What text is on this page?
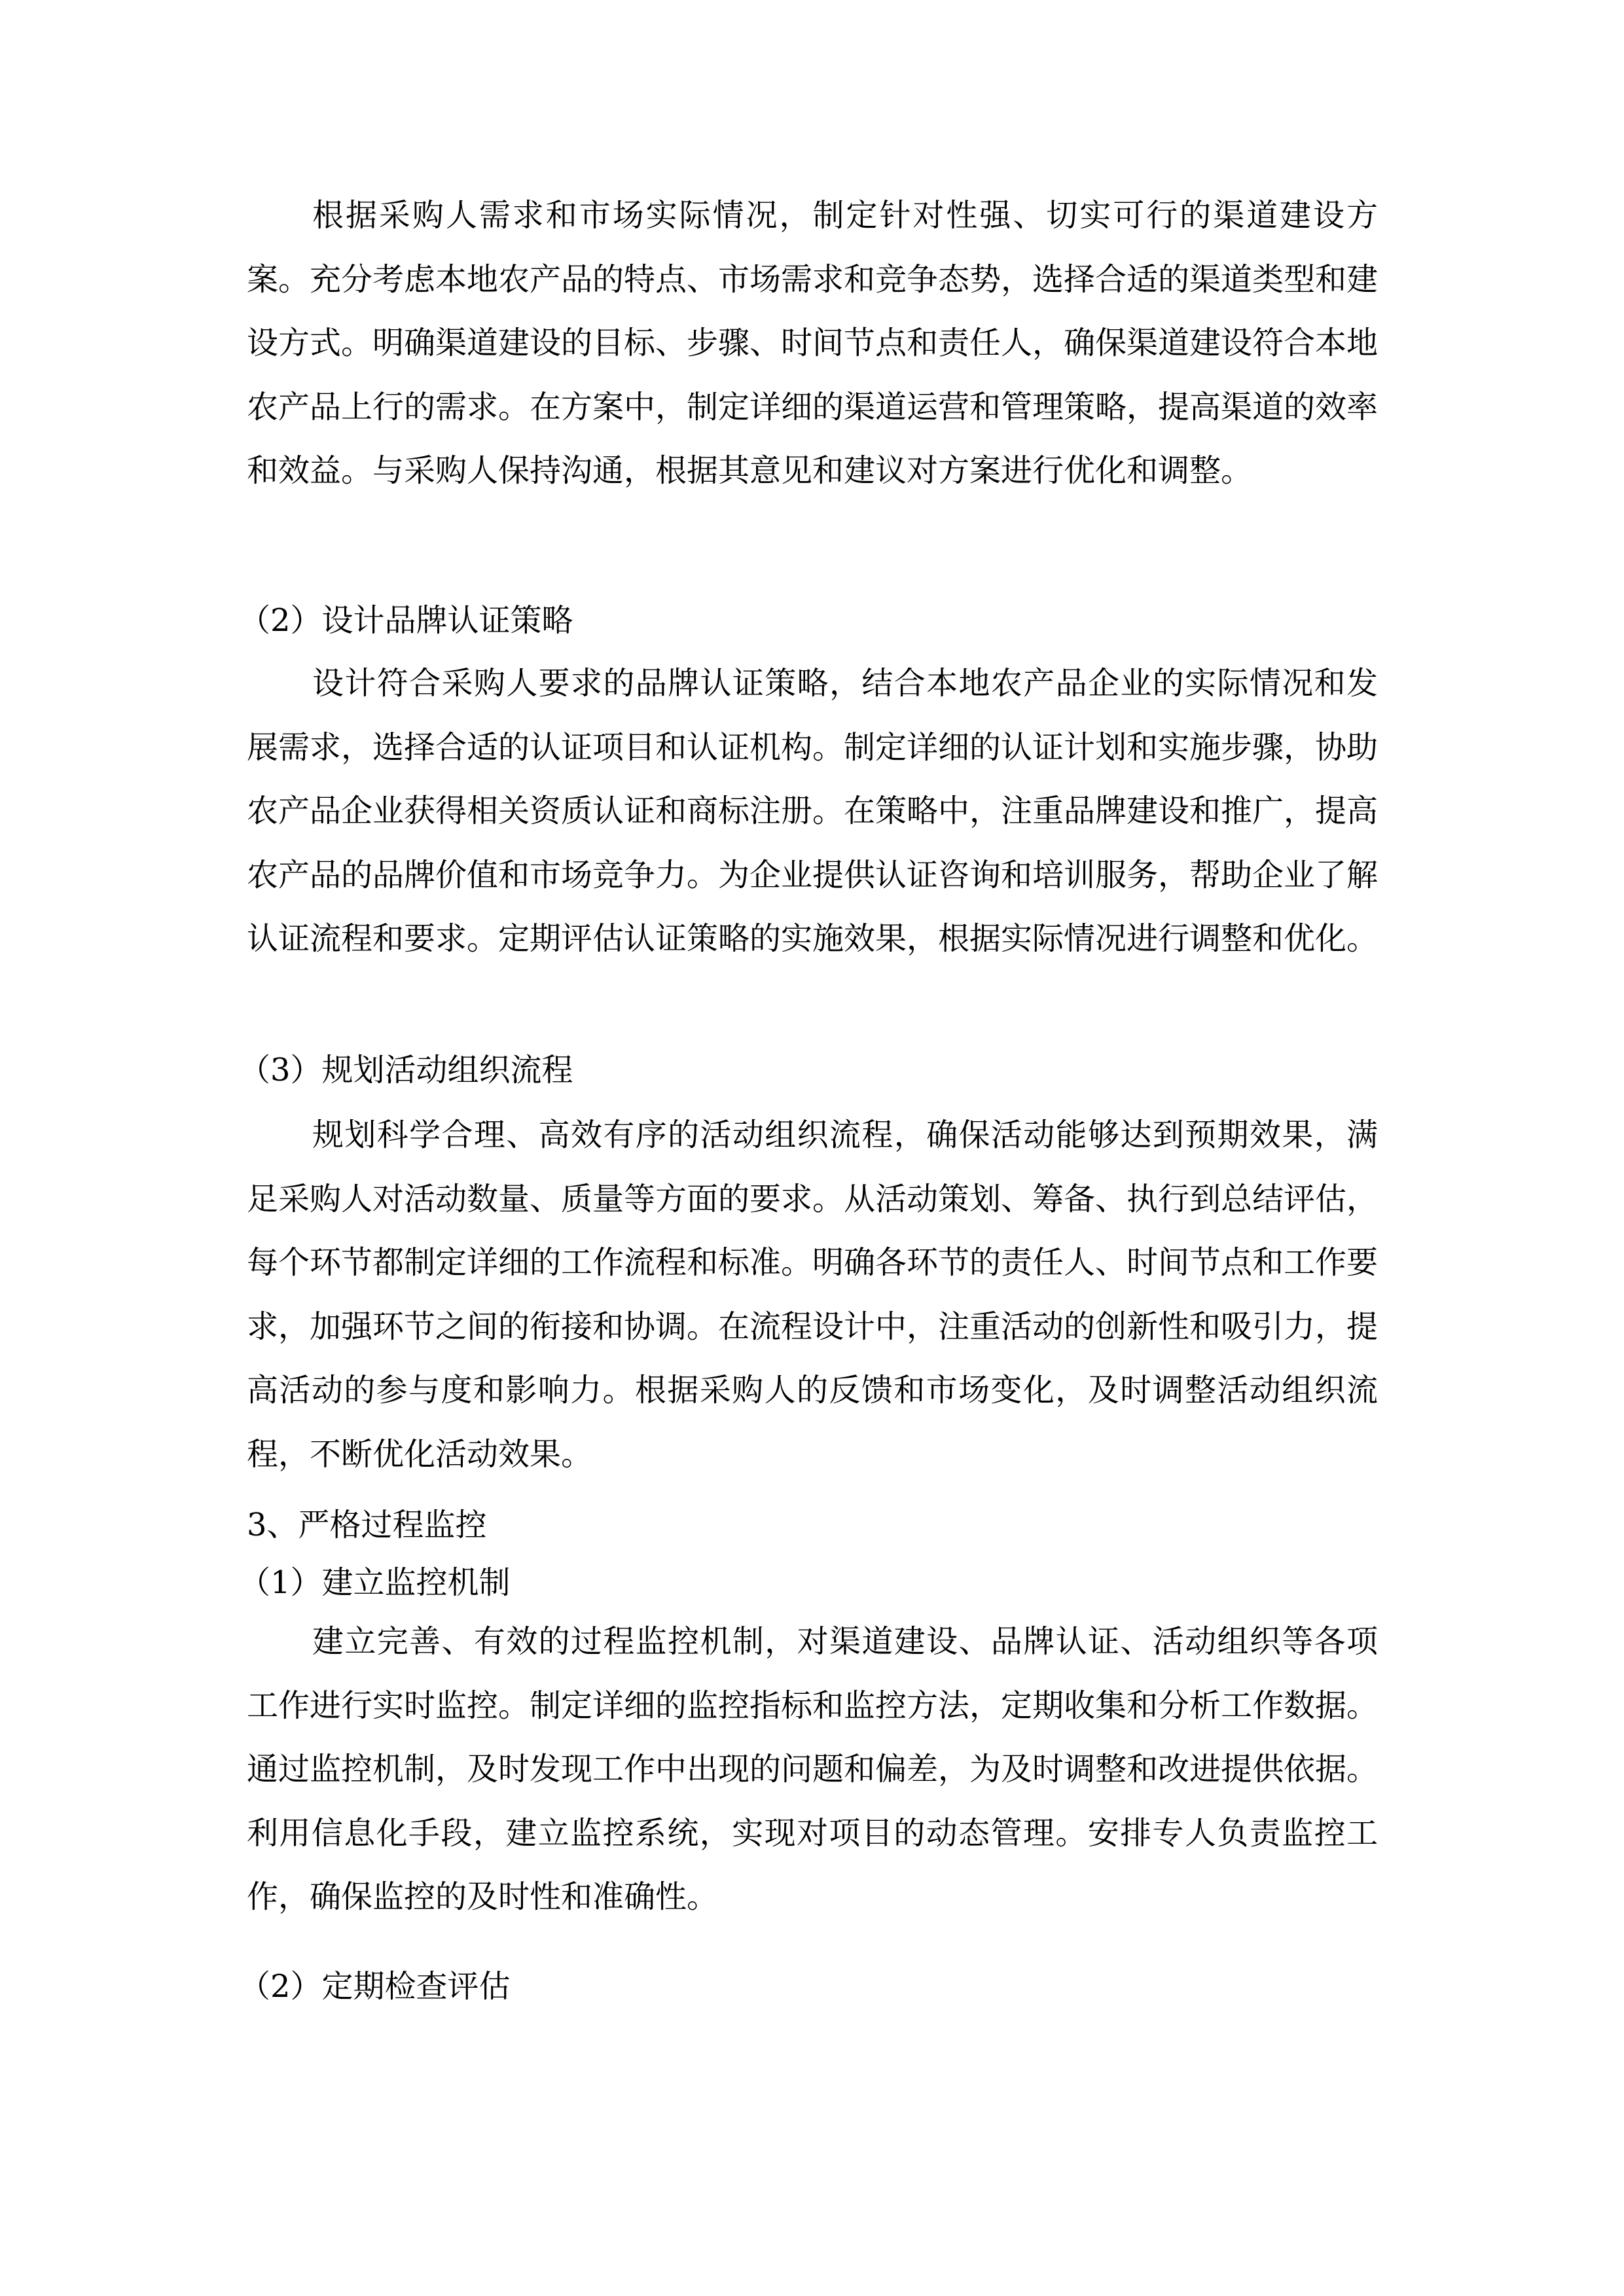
根据采购人需求和市场实际情况，制定针对性强、切实可行的渠道建设方案。充分考虑本地农产品的特点、市场需求和竞争态势，选择合适的渠道类型和建设方式。明确渠道建设的目标、步骤、时间节点和责任人，确保渠道建设符合本地农产品上行的需求。在方案中，制定详细的渠道运营和管理策略，提高渠道的效率和效益。与采购人保持沟通，根据其意见和建议对方案进行优化和调整。

（2）设计品牌认证策略

设计符合采购人要求的品牌认证策略，结合本地农产品企业的实际情况和发展需求，选择合适的认证项目和认证机构。制定详细的认证计划和实施步骤，协助农产品企业获得相关资质认证和商标注册。在策略中，注重品牌建设和推广，提高农产品的品牌价值和市场竞争力。为企业提供认证咨询和培训服务，帮助企业了解认证流程和要求。定期评估认证策略的实施效果，根据实际情况进行调整和优化。

（3）规划活动组织流程

规划科学合理、高效有序的活动组织流程，确保活动能够达到预期效果，满足采购人对活动数量、质量等方面的要求。从活动策划、筹备、执行到总结评估，每个环节都制定详细的工作流程和标准。明确各环节的责任人、时间节点和工作要求，加强环节之间的衔接和协调。在流程设计中，注重活动的创新性和吸引力，提高活动的参与度和影响力。根据采购人的反馈和市场变化，及时调整活动组织流程，不断优化活动效果。

3、严格过程监控

（1）建立监控机制

建立完善、有效的过程监控机制，对渠道建设、品牌认证、活动组织等各项工作进行实时监控。制定详细的监控指标和监控方法，定期收集和分析工作数据。通过监控机制，及时发现工作中出现的问题和偏差，为及时调整和改进提供依据。利用信息化手段，建立监控系统，实现对项目的动态管理。安排专人负责监控工作，确保监控的及时性和准确性。

（2）定期检查评估
